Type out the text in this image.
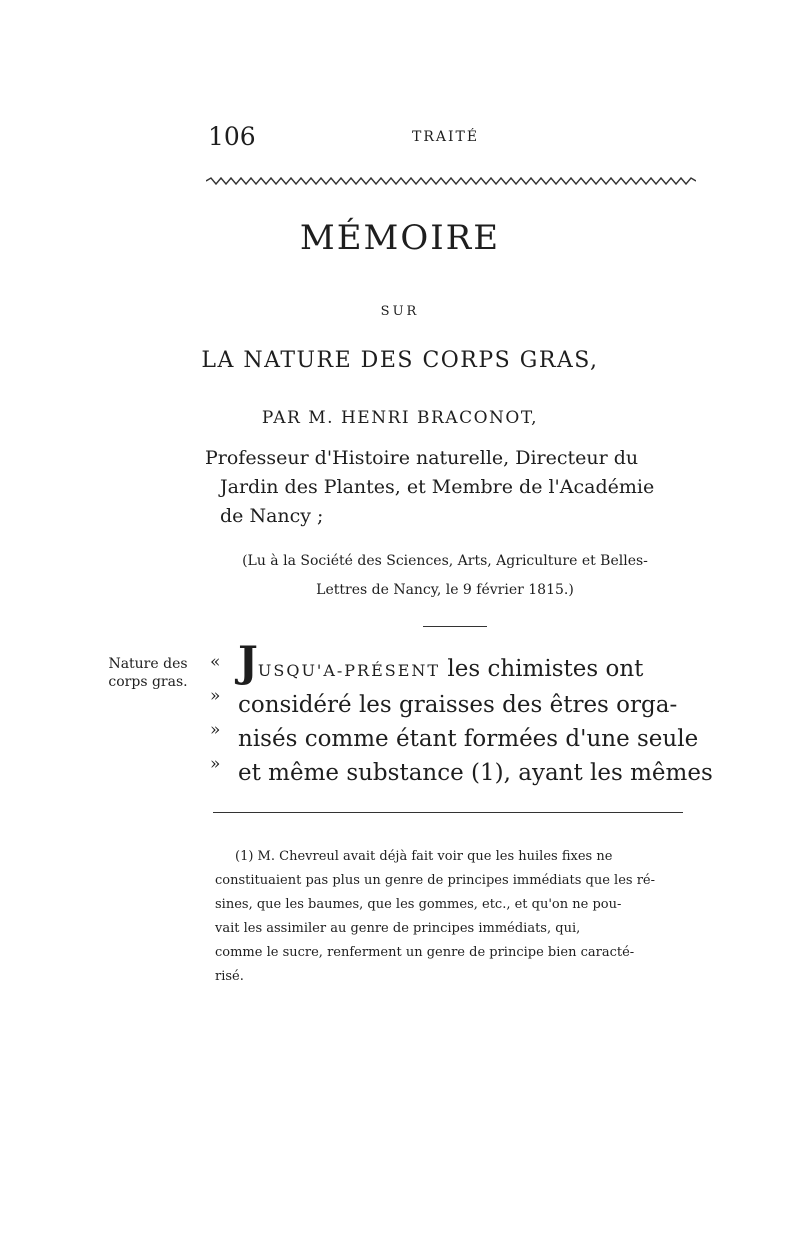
106	TRAITÉ
MÉMOIRE
SUR
LA NATURE DES CORPS GRAS,
PAR M. HENRI BRACONOT,
Professeur d'Histoire naturelle, Directeur du
Jardin des Plantes, et Membre de l'Académie
de Nancy ;
(Lu à la Société des Sciences, Arts, Agriculture et Belles-
Lettres de Nancy, le 9 février 1815.)
Nature des
corps gras.
«
»
»
»
JUSQU'A-PRÉSENT les chimistes ont
considéré les graisses des êtres orga-
nisés comme étant formées d'une seule
et même substance (1), ayant les mêmes
(1) M. Chevreul avait déjà fait voir que les huiles fixes ne
constituaient pas plus un genre de principes immédiats que les ré-
sines, que les baumes, que les gommes, etc., et qu'on ne pou-
vait les assimiler au genre de principes immédiats, qui,
comme le sucre, renferment un genre de principe bien caracté-
risé.
